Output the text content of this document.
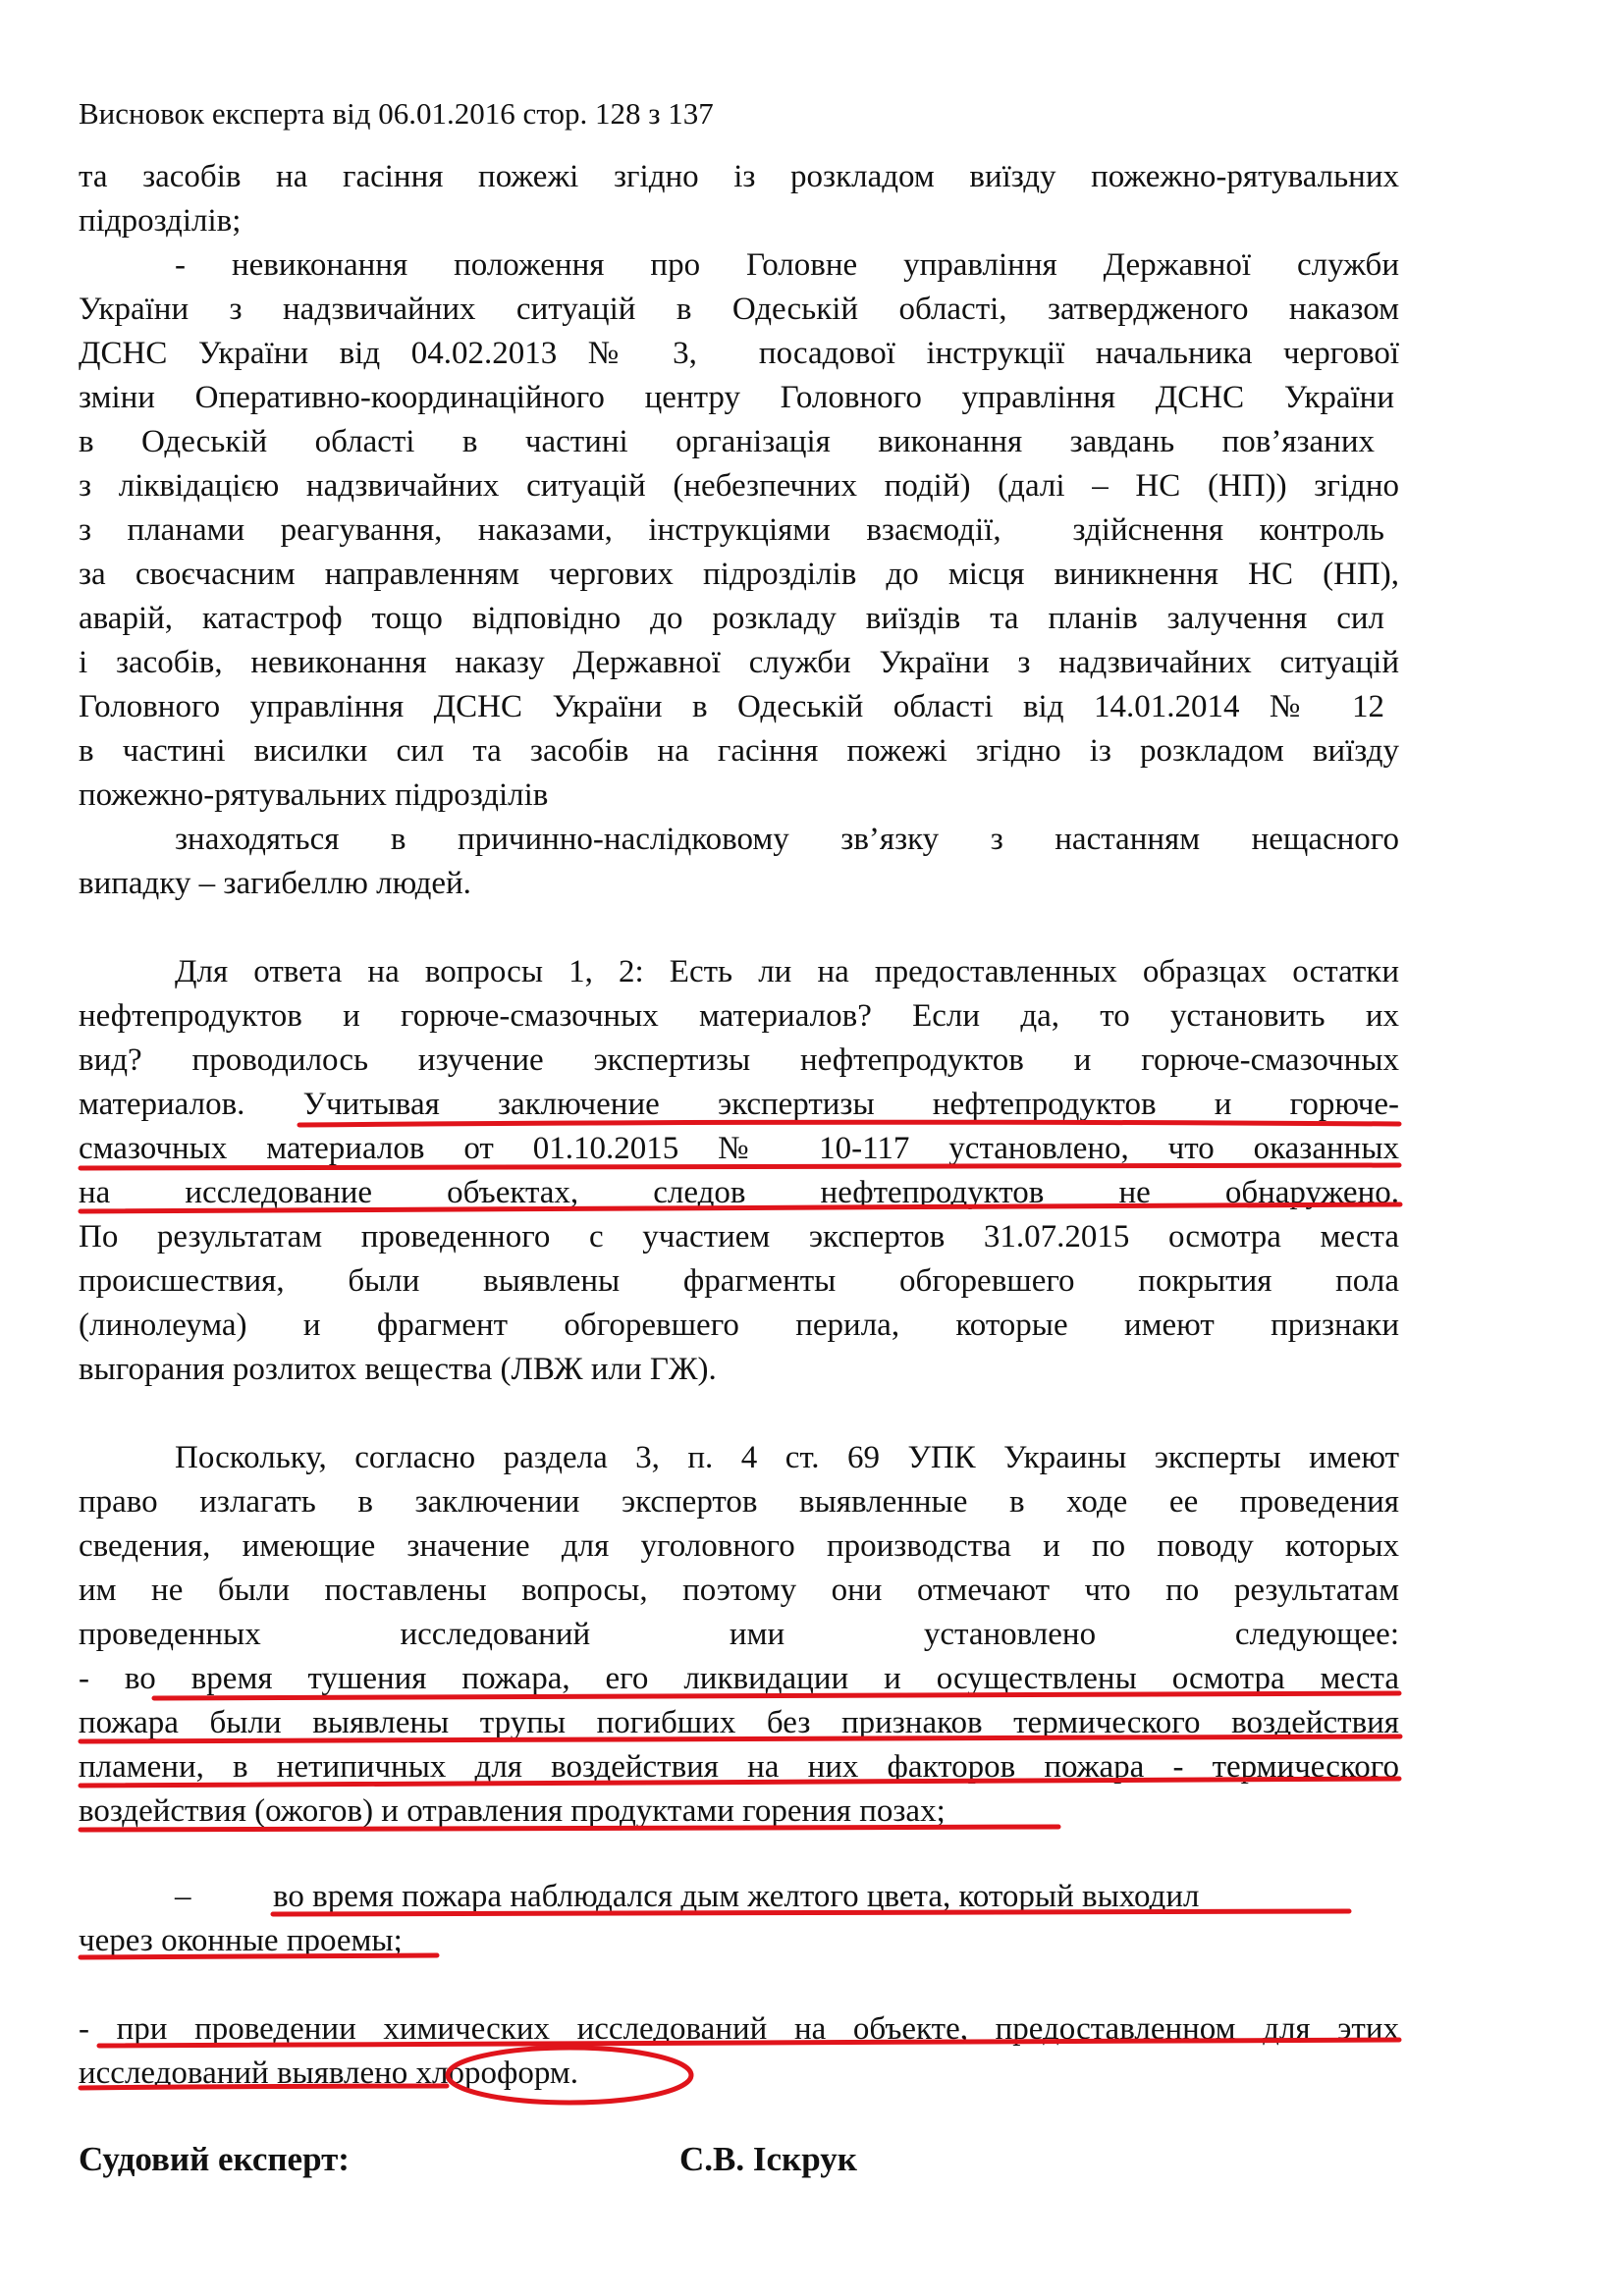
Висновок експерта від 06.01.2016 стор. 128 з 137
та засобів на гасіння пожежі згідно із розкладом виїзду пожежно-рятувальних
підрозділів;
- невиконання положення про Головне управління Державної служби
України з надзвичайних ситуацій в Одеській області, затвердженого наказом
ДСНС України від 04.02.2013 № 3,  посадової інструкції начальника чергової
зміни Оперативно-координаційного центру Головного управління ДСНС України
в Одеській області в частині організація виконання завдань пов’язаних
з ліквідацією надзвичайних ситуацій (небезпечних подій) (далі – НС (НП)) згідно
з планами реагування, наказами, інструкціями взаємодії,  здійснення контроль
за своєчасним направленням чергових підрозділів до місця виникнення НС (НП),
аварій, катастроф тощо відповідно до розкладу виїздів та планів залучення сил
і засобів, невиконання наказу Державної служби України з надзвичайних ситуацій
Головного управління ДСНС України в Одеській області від 14.01.2014 № 12
в частині висилки сил та засобів на гасіння пожежі згідно із розкладом виїзду
пожежно-рятувальних підрозділів
знаходяться в причинно-наслідковому зв’язку з настанням нещасного
випадку – загибеллю людей.
Для ответа на вопросы 1, 2: Есть ли на предоставленных образцах остатки
нефтепродуктов и горюче-смазочных материалов? Если да, то установить их
вид? проводилось изучение экспертизы нефтепродуктов и горюче-смазочных
материалов. Учитывая заключение экспертизы нефтепродуктов и горюче-
смазочных материалов от 01.10.2015 № 10-117 установлено, что оказанных
на исследование объектах, следов нефтепродуктов не обнаружено.
По результатам проведенного с участием экспертов 31.07.2015 осмотра места
происшествия, были выявлены фрагменты обгоревшего покрытия пола
(линолеума) и фрагмент обгоревшего перила, которые имеют признаки
выгорания розлитох вещества (ЛВЖ или ГЖ).
Поскольку, согласно раздела 3, п. 4 ст. 69 УПК Украины эксперты имеют
право излагать в заключении экспертов выявленные в ходе ее проведения
сведения, имеющие значение для уголовного производства и по поводу которых
им не были поставлены вопросы, поэтому они отмечают что по результатам
проведенных исследований ими установлено следующее:
- во время тушения пожара, его ликвидации и осуществлены осмотра места
пожара были выявлены трупы погибших без признаков термического воздействия
пламени, в нетипичных для воздействия на них факторов пожара - термического
воздействия (ожогов) и отравления продуктами горения позах;
–	во время пожара наблюдался дым желтого цвета, который выходил
через оконные проемы;
- при проведении химических исследований на объекте, предоставленном для этих
исследований выявлено хлороформ.
Судовий експерт:	С.В. Іскрук
